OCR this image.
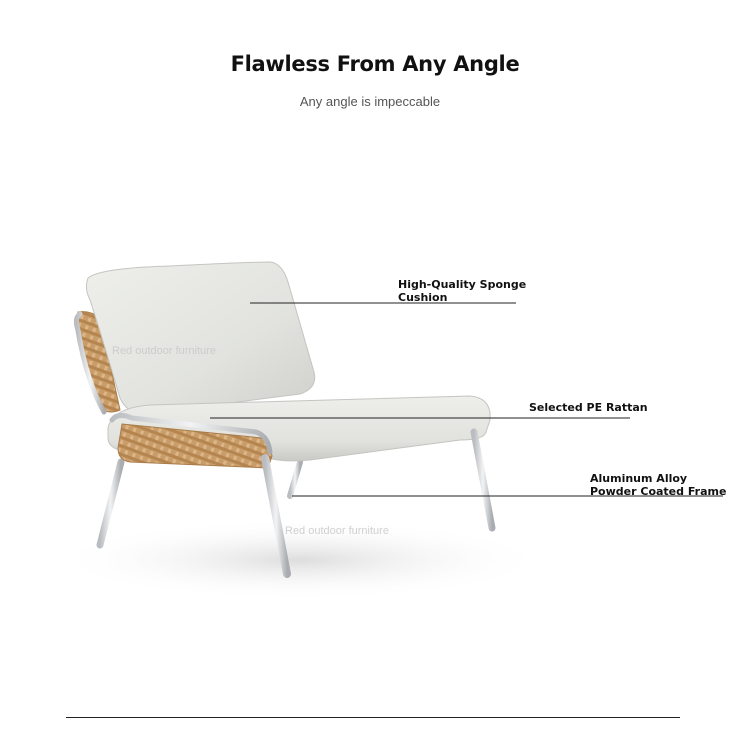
Flawless From Any Angle
Any angle is impeccable
Red outdoor furniture
Red outdoor furniture
High-Quality Sponge
Cushion
Selected PE Rattan
Aluminum Alloy
Powder Coated Frame
